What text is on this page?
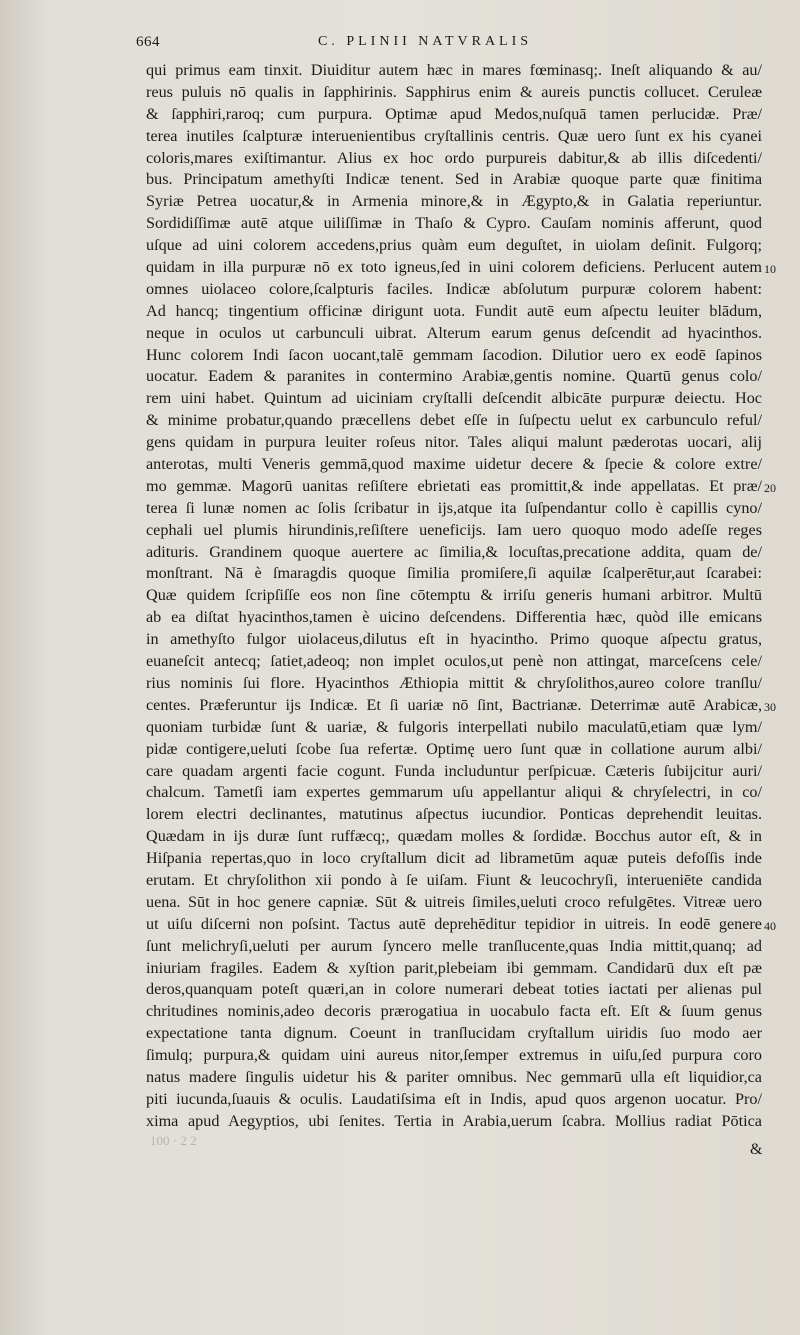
664	C. PLINII NATVRALIS
qui primus eam tinxit. Diuiditur autem hæc in mares fœminasq;. Ineſt aliquando & au/
reus puluis nō qualis in ſapphirinis. Sapphirus enim & aureis punctis collucet. Ceruleæ
& ſapphiri,raroq; cum purpura. Optimæ apud Medos,nuſquā tamen perlucidæ. Præ/
terea inutiles ſcalpturæ interuenientibus cryſtallinis centris. Quæ uero ſunt ex his cyanei
coloris,mares exiſtimantur. Alius ex hoc ordo purpureis dabitur,& ab illis diſcedenti/
bus. Principatum amethyſti Indicæ tenent. Sed in Arabiæ quoque parte quæ finitima
Syriæ Petrea uocatur,& in Armenia minore,& in Ægypto,& in Galatia reperiuntur.
Sordidiſſimæ autē atque uiliſſimæ in Thaſo & Cypro. Cauſam nominis afferunt, quod
uſque ad uini colorem accedens,prius quàm eum deguſtet, in uiolam deſinit. Fulgorq;
quidam in illa purpuræ nō ex toto igneus,ſed in uini colorem deficiens. Perlucent autem
omnes uiolaceo colore,ſcalpturis faciles. Indicæ abſolutum purpuræ colorem habent:
Ad hancq; tingentium officinæ dirigunt uota. Fundit autē eum aſpectu leuiter blādum,
neque in oculos ut carbunculi uibrat. Alterum earum genus deſcendit ad hyacinthos.
Hunc colorem Indi ſacon uocant,talē gemmam ſacodion. Dilutior uero ex eodē ſapinos
uocatur. Eadem & paranites in contermino Arabiæ,gentis nomine. Quartū genus colo/
rem uini habet. Quintum ad uiciniam cryſtalli deſcendit albicāte purpuræ deiectu. Hoc
& minime probatur,quando præcellens debet eſſe in ſuſpectu uelut ex carbunculo reful/
gens quidam in purpura leuiter roſeus nitor. Tales aliqui malunt pæderotas uocari, alij
anterotas, multi Veneris gemmā,quod maxime uidetur decere & ſpecie & colore extre/
mo gemmæ. Magorū uanitas reſiſtere ebrietati eas promittit,& inde appellatas. Et præ/
terea ſi lunæ nomen ac ſolis ſcribatur in ijs,atque ita ſuſpendantur collo è capillis cyno/
cephali uel plumis hirundinis,reſiſtere ueneficijs. Iam uero quoquo modo adeſſe reges
adituris. Grandinem quoque auertere ac ſimilia,& locuſtas,precatione addita, quam de/
monſtrant. Nā è ſmaragdis quoque ſimilia promiſere,ſi aquilæ ſcalperētur,aut ſcarabei:
Quæ quidem ſcripſiſſe eos non ſine cōtemptu & irriſu generis humani arbitror. Multū
ab ea diſtat hyacinthos,tamen è uicino deſcendens. Differentia hæc, quòd ille emicans
in amethyſto fulgor uiolaceus,dilutus eſt in hyacintho. Primo quoque aſpectu gratus,
euaneſcit antecq; ſatiet,adeoq; non implet oculos,ut penè non attingat, marceſcens cele/
rius nominis ſui flore. Hyacinthos Æthiopia mittit & chryſolithos,aureo colore tranſlu/
centes. Præferuntur ijs Indicæ. Et ſi uariæ nō ſint, Bactrianæ. Deterrimæ autē Arabicæ,
quoniam turbidæ ſunt & uariæ, & fulgoris interpellati nubilo maculatū,etiam quæ lym/
pidæ contigere,ueluti ſcobe ſua refertæ. Optimę uero ſunt quæ in collatione aurum albi/
care quadam argenti facie cogunt. Funda includuntur perſpicuæ. Cæteris ſubijcitur auri/
chalcum. Tametſi iam expertes gemmarum uſu appellantur aliqui & chryſelectri, in co/
lorem electri declinantes, matutinus aſpectus iucundior. Ponticas deprehendit leuitas.
Quædam in ijs duræ ſunt ruffæcq;, quædam molles & ſordidæ. Bocchus autor eſt, & in
Hiſpania repertas,quo in loco cryſtallum dicit ad librametūm aquæ puteis defoſſis inde
erutam. Et chryſolithon xii pondo à ſe uiſam. Fiunt & leucochryſi, interueniēte candida
uena. Sūt in hoc genere capniæ. Sūt & uitreis ſimiles,ueluti croco refulgētes. Vitreæ uero
ut uiſu diſcerni non poſsint. Tactus autē deprehēditur tepidior in uitreis. In eodē genere
ſunt melichryſi,ueluti per aurum ſyncero melle tranſlucente,quas India mittit,quanq; ad
iniuriam fragiles. Eadem & xyſtion parit,plebeiam ibi gemmam. Candidarū dux eſt pæ
deros,quanquam poteſt quæri,an in colore numerari debeat toties iactati per alienas pul
chritudines nominis,adeo decoris prærogatiua in uocabulo facta eſt. Eſt & ſuum genus
expectatione tanta dignum. Coeunt in tranſlucidam cryſtallum uiridis ſuo modo aer
ſimulq; purpura,& quidam uini aureus nitor,ſemper extremus in uiſu,ſed purpura coro
natus madere ſingulis uidetur his & pariter omnibus. Nec gemmarū ulla eſt liquidior,ca
piti iucunda,ſuauis & oculis. Laudatiſsima eſt in Indis, apud quos argenon uocatur. Pro/
xima apud Aegyptios, ubi ſenites. Tertia in Arabia,uerum ſcabra. Mollius radiat Pōtica
10
20
30
40
100 · 2 2
&
